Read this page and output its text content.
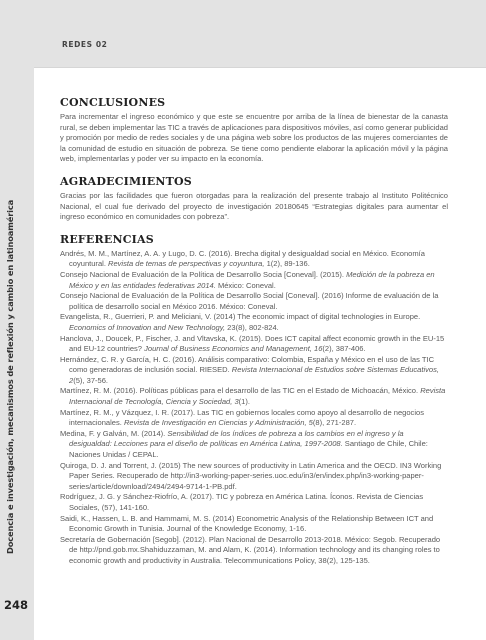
REDES 02
Docencia e investigación, mecanismos de reflexión y cambio en latinoamérica
248
CONCLUSIONES

Para incrementar el ingreso económico y que este se encuentre por arriba de la línea de bienestar de la canasta rural, se deben implementar las TIC a través de aplicaciones para dispositivos móviles, así como generar publicidad y promoción por medio de redes sociales y de una página web sobre los productos de las mujeres comerciantes de la comunidad de estudio en situación de pobreza. Se tiene como pendiente elaborar la aplicación móvil y la página web, implementarlas y poder ver su impacto en la economía.

AGRADECIMIENTOS

Gracias por las facilidades que fueron otorgadas para la realización del presente trabajo al Instituto Politécnico Nacional, el cual fue derivado del proyecto de investigación 20180645 “Estrategias digitales para aumentar el ingreso económico en comunidades con pobreza”.

REFERENCIAS
Andrés, M. M., Martínez, A. A. y Lugo, D. C. (2016). Brecha digital y desigualdad social en México. Economía coyuntural. Revista de temas de perspectivas y coyuntura, 1(2), 89-136.
Consejo Nacional de Evaluación de la Política de Desarrollo Socia [Coneval]. (2015). Medición de la pobreza en México y en las entidades federativas 2014. México: Coneval.
Consejo Nacional de Evaluación de la Política de Desarrollo Social [Coneval]. (2016) Informe de evaluación de la política de desarrollo social en México 2016. México: Coneval.
Evangelista, R., Guerrieri, P. and Meliciani, V. (2014) The economic impact of digital technologies in Europe. Economics of Innovation and New Technology, 23(8), 802-824.
Hanclova, J., Doucek, P., Fischer, J. and Vltavska, K. (2015). Does ICT capital affect economic growth in the EU-15 and EU-12 countries? Journal of Business Economics and Management, 16(2), 387-406.
Hernández, C. R. y García, H. C. (2016). Análisis comparativo: Colombia, España y México en el uso de las TIC como generadoras de inclusión social. RIESED. Revista Internacional de Estudios sobre Sistemas Educativos, 2(5), 37-56.
Martínez, R. M. (2016). Políticas públicas para el desarrollo de las TIC en el Estado de Michoacán, México. Revista Internacional de Tecnología, Ciencia y Sociedad, 3(1).
Martínez, R. M., y Vázquez, I. R. (2017). Las TIC en gobiernos locales como apoyo al desarrollo de negocios internacionales. Revista de Investigación en Ciencias y Administración, 5(8), 271-287.
Medina, F. y Galván, M. (2014). Sensibilidad de los índices de pobreza a los cambios en el ingreso y la desigualdad: Lecciones para el diseño de políticas en América Latina, 1997-2008. Santiago de Chile, Chile: Naciones Unidas / CEPAL.
Quiroga, D. J. and Torrent, J. (2015) The new sources of productivity in Latin America and the OECD. IN3 Working Paper Series. Recuperado de http://in3-working-paper-series.uoc.edu/in3/en/index.php/in3-working-paper-series/article/download/2494/2494-9714-1-PB.pdf.
Rodríguez, J. G. y Sánchez-Riofrío, A. (2017). TIC y pobreza en América Latina. Íconos. Revista de Ciencias Sociales, (57), 141-160.
Saidi, K., Hassen, L. B. and Hammami, M. S. (2014) Econometric Analysis of the Relationship Between ICT and Economic Growth in Tunisia. Journal of the Knowledge Economy, 1-16.
Secretaría de Gobernación [Segob]. (2012). Plan Nacional de Desarrollo 2013-2018. México: Segob. Recuperado de http://pnd.gob.mx.Shahiduzzaman, M. and Alam, K. (2014). Information technology and its changing roles to economic growth and productivity in Australia. Telecommunications Policy, 38(2), 125-135.
